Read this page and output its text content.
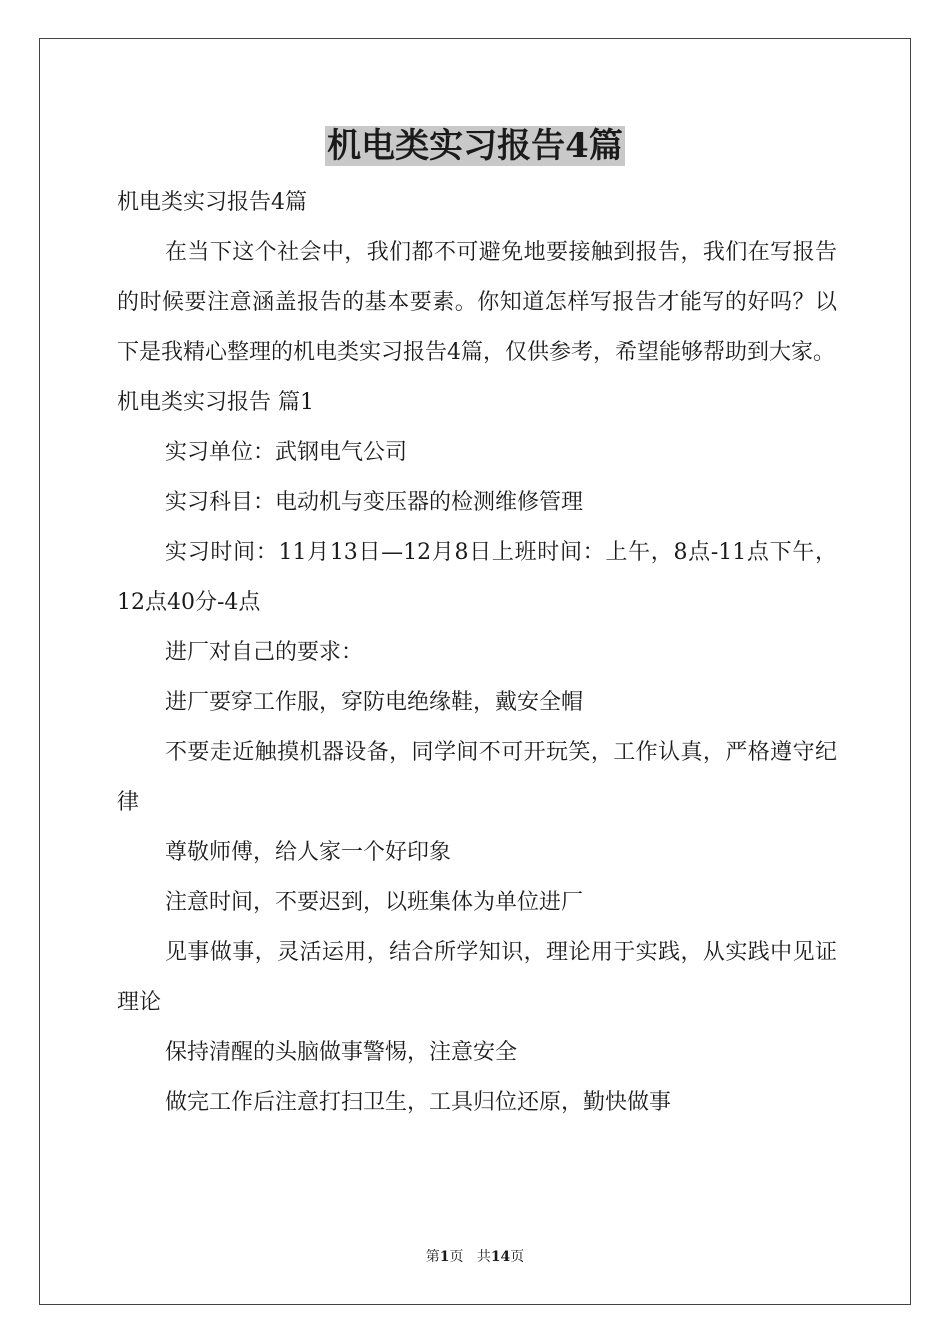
机电类实习报告4篇

机电类实习报告4篇

在当下这个社会中，我们都不可避免地要接触到报告，我们在写报告的时候要注意涵盖报告的基本要素。你知道怎样写报告才能写的好吗？以下是我精心整理的机电类实习报告4篇，仅供参考，希望能够帮助到大家。

机电类实习报告 篇1

实习单位：武钢电气公司

实习科目：电动机与变压器的检测维修管理

实习时间：11月13日—12月8日上班时间：上午，8点-11点下午，12点40分-4点

进厂对自己的要求：

进厂要穿工作服，穿防电绝缘鞋，戴安全帽

不要走近触摸机器设备，同学间不可开玩笑，工作认真，严格遵守纪律

尊敬师傅，给人家一个好印象

注意时间，不要迟到，以班集体为单位进厂

见事做事，灵活运用，结合所学知识，理论用于实践，从实践中见证理论

保持清醒的头脑做事警惕，注意安全

做完工作后注意打扫卫生，工具归位还原，勤快做事

第1页 共14页
